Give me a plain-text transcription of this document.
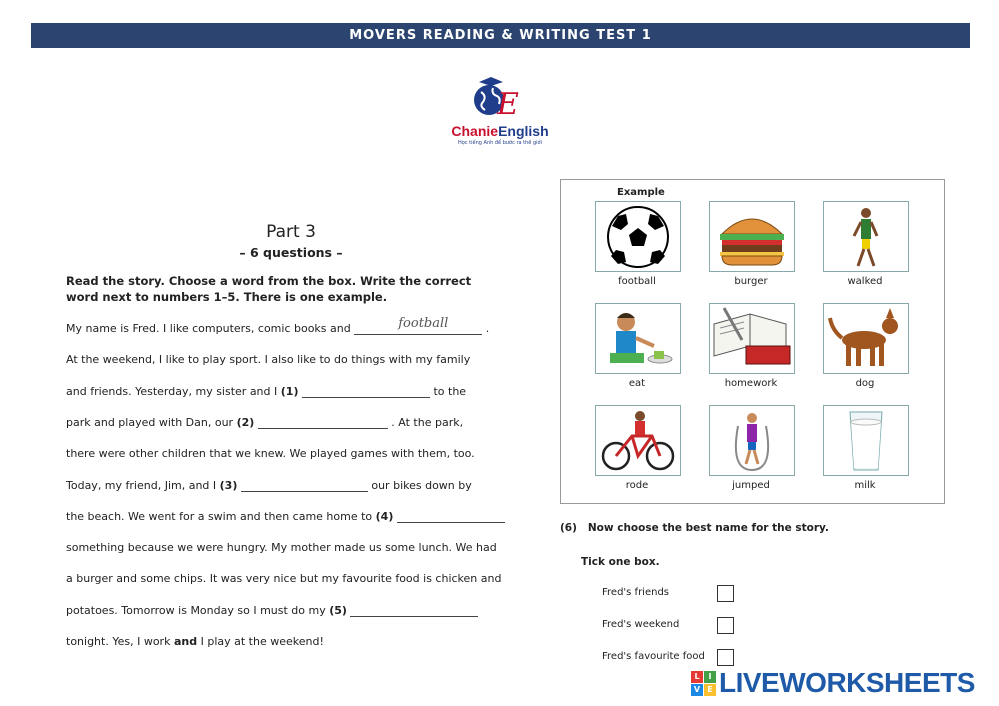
MOVERS READING & WRITING TEST 1
E
ChanieEnglish
Học tiếng Anh để bước ra thế giới
Part 3
– 6 questions –
Read the story. Choose a word from the box. Write the correct word next to numbers 1–5. There is one example.
My name is Fred. I like computers, comic books and	football	.
At the weekend, I like to play sport. I also like to do things with my family
and friends. Yesterday, my sister and I (1)	to the
park and played with Dan, our (2)	. At the park,
there were other children that we knew. We played games with them, too.
Today, my friend, Jim, and I (3)	our bikes down by
the beach. We went for a swim and then came home to (4)
something because we were hungry. My mother made us some lunch. We had
a burger and some chips. It was very nice but my favourite food is chicken and
potatoes. Tomorrow is Monday so I must do my (5)
tonight. Yes, I work and I play at the weekend!
Example
football	burger	walked
eat	homework	dog
rode	jumped	milk
(6) Now choose the best name for the story.
Tick one box.
Fred's friends
Fred's weekend
Fred's favourite food
L	I
V E LIVEWORKSHEETS
